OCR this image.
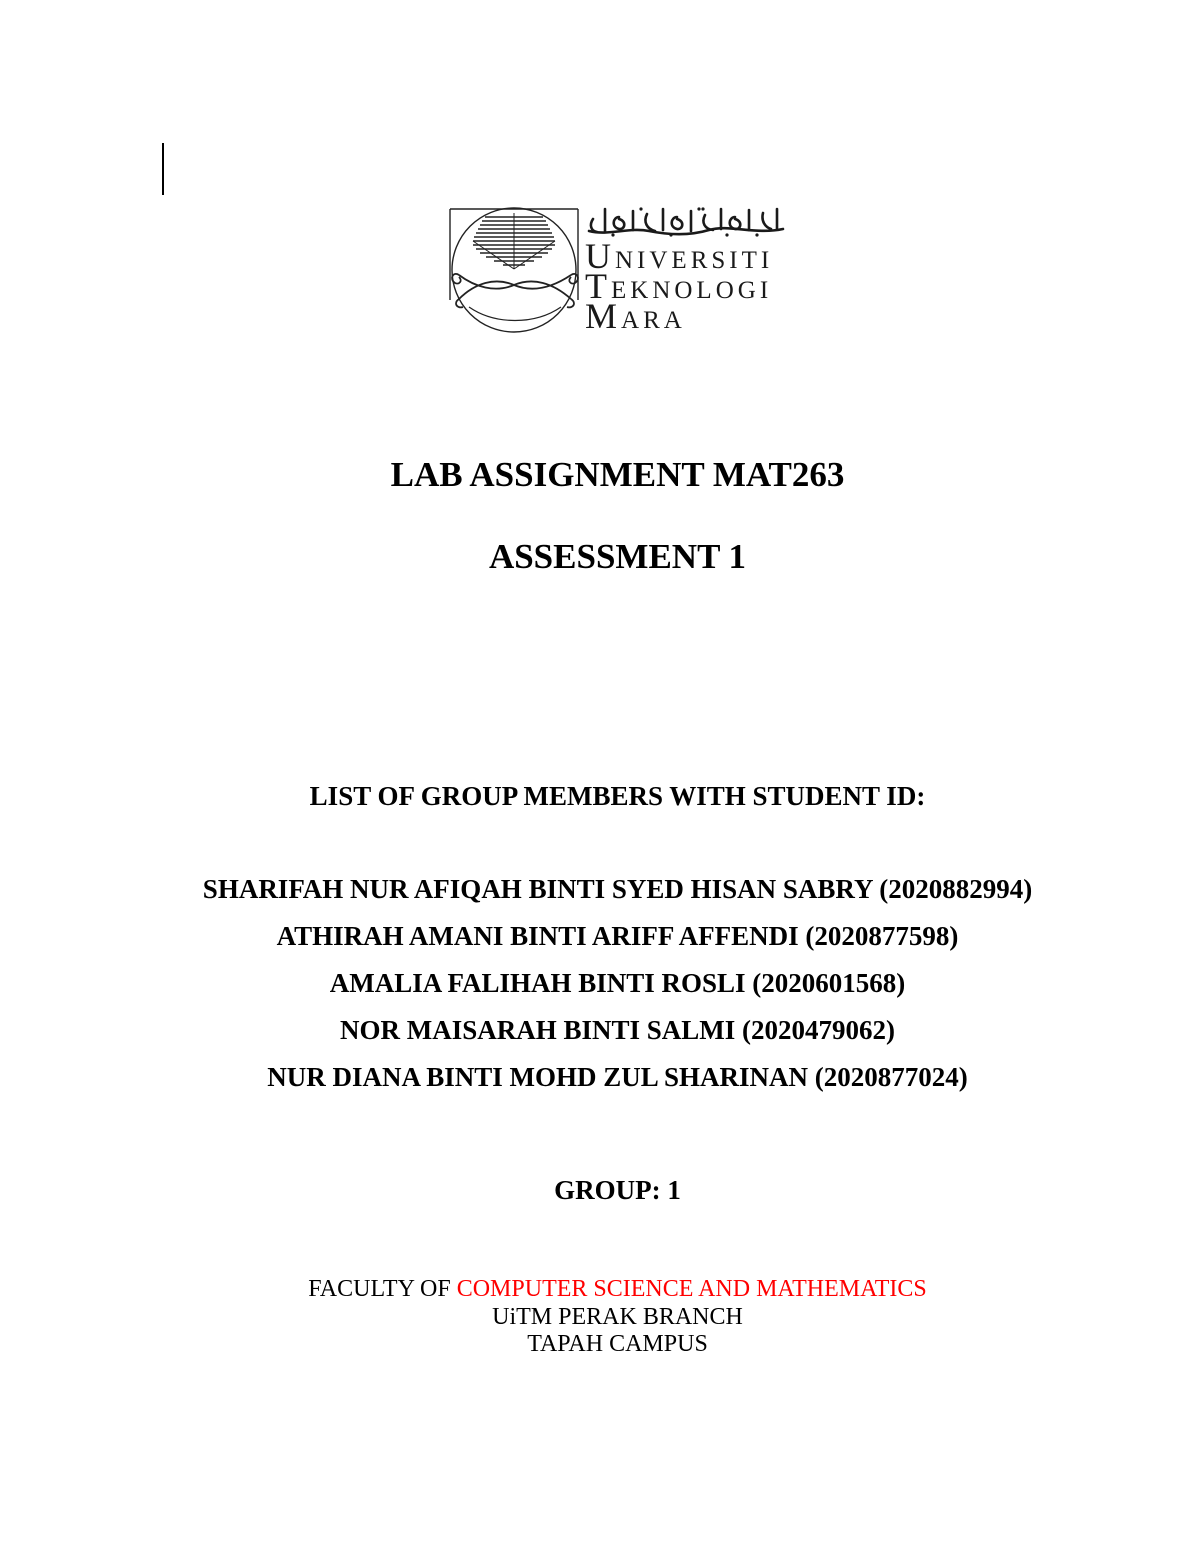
UNIVERSITI
TEKNOLOGI
MARA
LAB ASSIGNMENT MAT263
ASSESSMENT 1
LIST OF GROUP MEMBERS WITH STUDENT ID:
SHARIFAH NUR AFIQAH BINTI SYED HISAN SABRY (2020882994)
ATHIRAH AMANI BINTI ARIFF AFFENDI (2020877598)
AMALIA FALIHAH BINTI ROSLI (2020601568)
NOR MAISARAH BINTI SALMI (2020479062)
NUR DIANA BINTI MOHD ZUL SHARINAN (2020877024)
GROUP: 1
FACULTY OF COMPUTER SCIENCE AND MATHEMATICS
UiTM PERAK BRANCH
TAPAH CAMPUS
